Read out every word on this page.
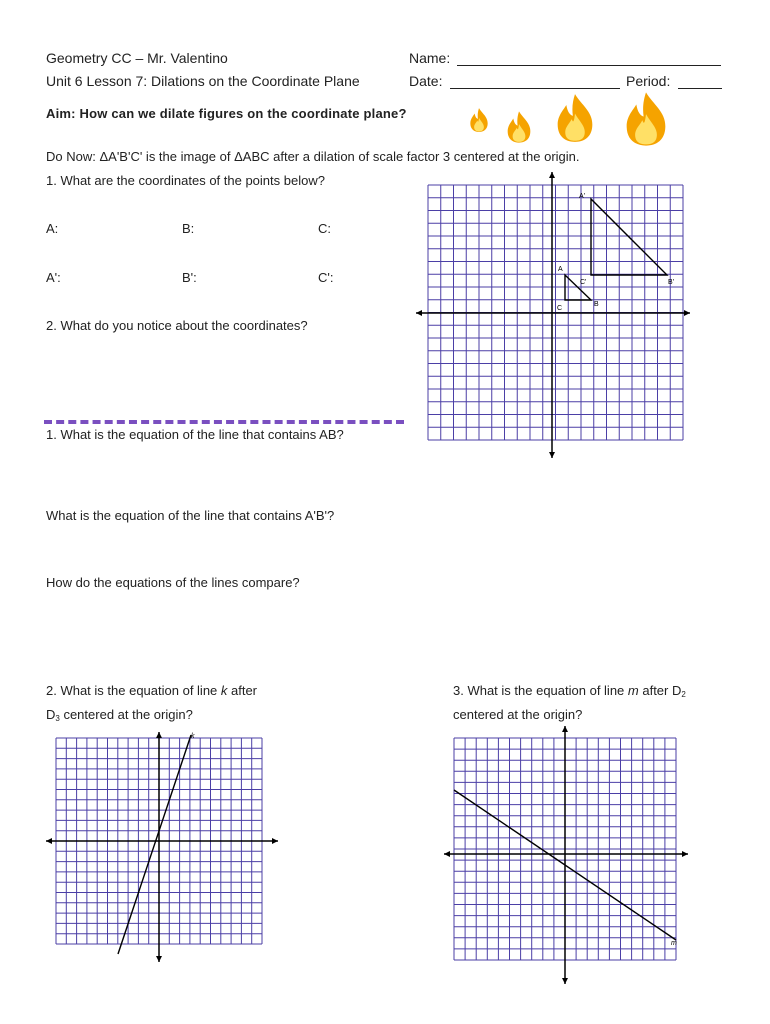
Geometry CC – Mr. Valentino
Unit 6 Lesson 7: Dilations on the Coordinate Plane
Name:
Date:	Period:
Aim: How can we dilate figures on the coordinate plane?
Do Now: ΔA'B'C' is the image of ΔABC after a dilation of scale factor 3 centered at the origin.
1. What are the coordinates of the points below?
A:	B:	C:
A':	B':	C':
2. What do you notice about the coordinates?
A'
B'
C'
A
B
C
1. What is the equation of the line that contains AB?
What is the equation of the line that contains A'B'?
How do the equations of the lines compare?
2. What is the equation of line k after
$D_3$ centered at the origin?
3. What is the equation of line m after $D_2$
centered at the origin?
k
m
